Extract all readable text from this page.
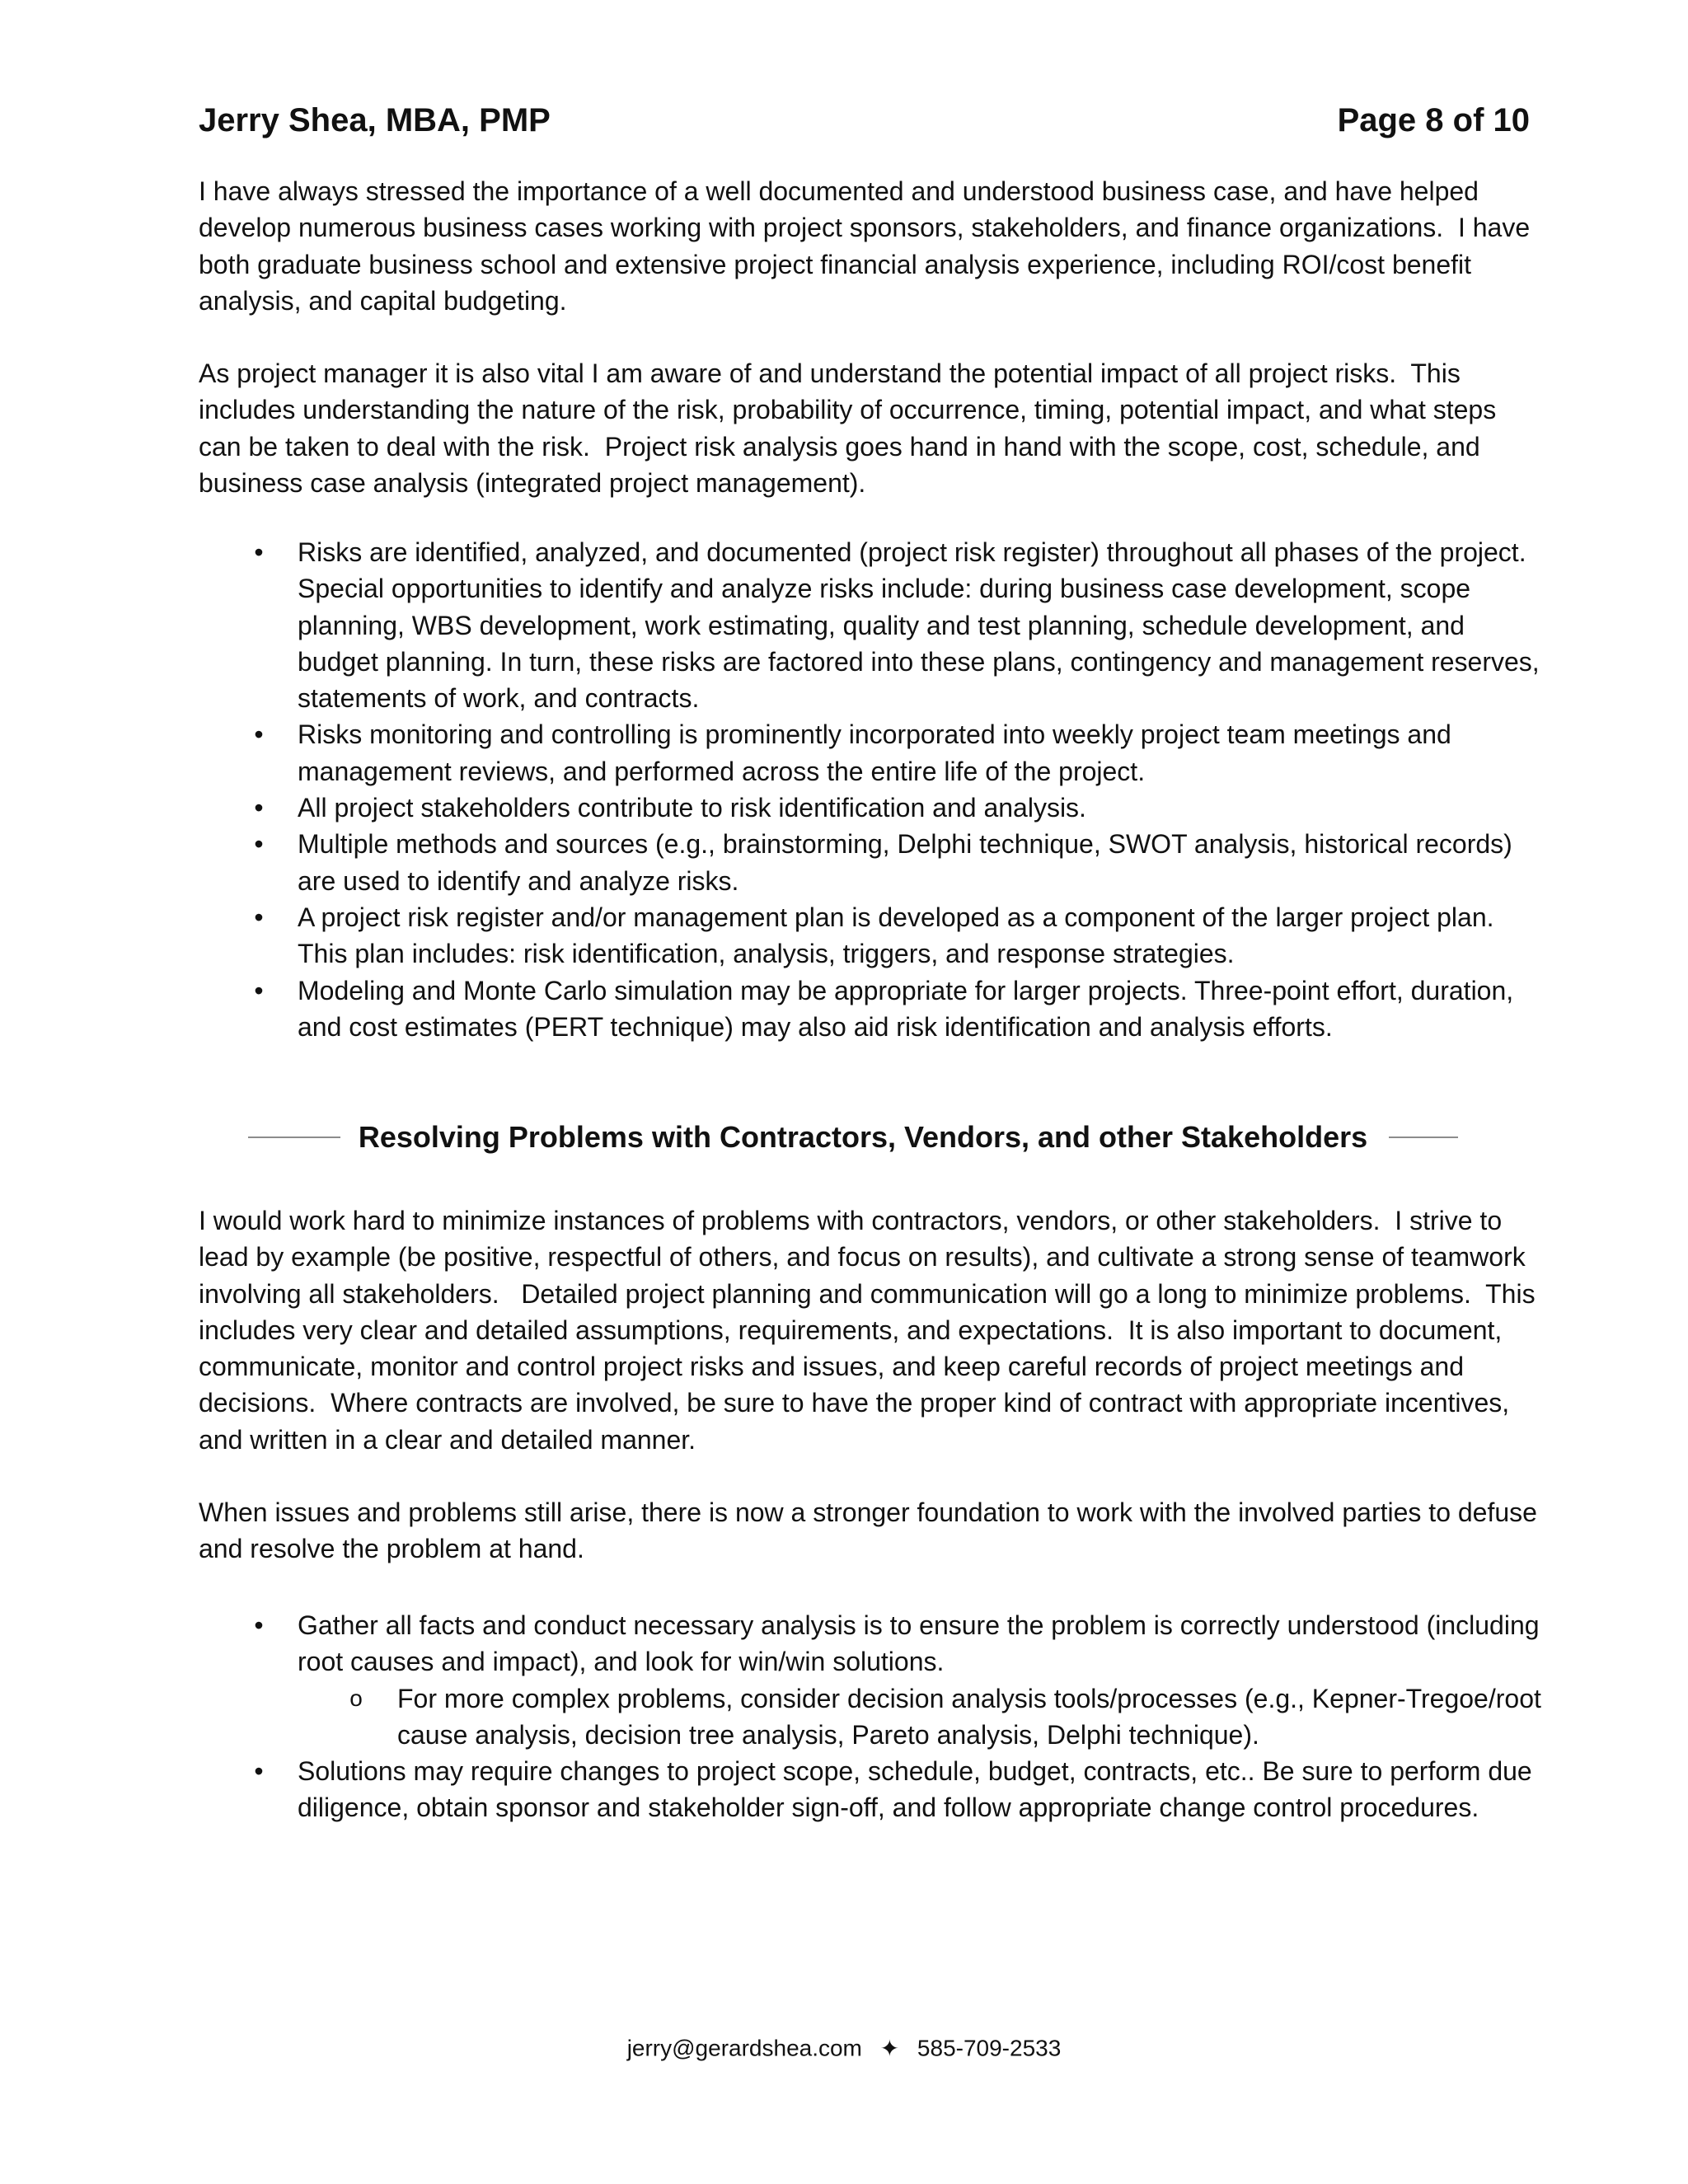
Jerry Shea, MBA, PMP	Page 8 of 10

I have always stressed the importance of a well documented and understood business case, and have helped develop numerous business cases working with project sponsors, stakeholders, and finance organizations.  I have both graduate business school and extensive project financial analysis experience, including ROI/cost benefit analysis, and capital budgeting.

As project manager it is also vital I am aware of and understand the potential impact of all project risks.  This includes understanding the nature of the risk, probability of occurrence, timing, potential impact, and what steps can be taken to deal with the risk.  Project risk analysis goes hand in hand with the scope, cost, schedule, and business case analysis (integrated project management).

• Risks are identified, analyzed, and documented (project risk register) throughout all phases of the project. Special opportunities to identify and analyze risks include: during business case development, scope planning, WBS development, work estimating, quality and test planning, schedule development, and budget planning. In turn, these risks are factored into these plans, contingency and management reserves, statements of work, and contracts.
• Risks monitoring and controlling is prominently incorporated into weekly project team meetings and management reviews, and performed across the entire life of the project.
• All project stakeholders contribute to risk identification and analysis.
• Multiple methods and sources (e.g., brainstorming, Delphi technique, SWOT analysis, historical records) are used to identify and analyze risks.
• A project risk register and/or management plan is developed as a component of the larger project plan. This plan includes: risk identification, analysis, triggers, and response strategies.
• Modeling and Monte Carlo simulation may be appropriate for larger projects. Three-point effort, duration, and cost estimates (PERT technique) may also aid risk identification and analysis efforts.
Resolving Problems with Contractors, Vendors, and other Stakeholders

I would work hard to minimize instances of problems with contractors, vendors, or other stakeholders.  I strive to lead by example (be positive, respectful of others, and focus on results), and cultivate a strong sense of teamwork involving all stakeholders.   Detailed project planning and communication will go a long to minimize problems.  This includes very clear and detailed assumptions, requirements, and expectations.  It is also important to document, communicate, monitor and control project risks and issues, and keep careful records of project meetings and decisions.  Where contracts are involved, be sure to have the proper kind of contract with appropriate incentives, and written in a clear and detailed manner.

When issues and problems still arise, there is now a stronger foundation to work with the involved parties to defuse and resolve the problem at hand.

• Gather all facts and conduct necessary analysis is to ensure the problem is correctly understood (including root causes and impact), and look for win/win solutions.
o For more complex problems, consider decision analysis tools/processes (e.g., Kepner-Tregoe/root cause analysis, decision tree analysis, Pareto analysis, Delphi technique).
• Solutions may require changes to project scope, schedule, budget, contracts, etc.. Be sure to perform due diligence, obtain sponsor and stakeholder sign-off, and follow appropriate change control procedures.
jerry@gerardshea.com ✦ 585-709-2533
